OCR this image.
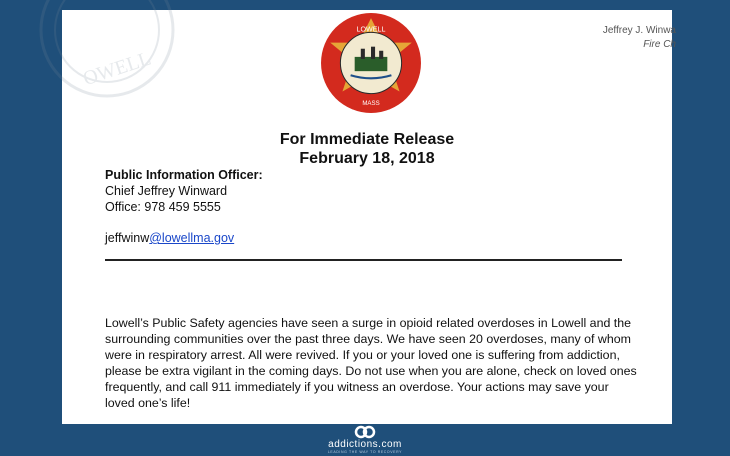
OWELL
Jeffrey J. Winwa
Fire Ch
LOWELL
MASS
For Immediate Release
February 18, 2018
Public Information Officer:
Chief Jeffrey Winward
Office: 978 459 5555
jeffwinw@lowellma.gov
Lowell’s Public Safety agencies have seen a surge in opioid related overdoses in Lowell and the surrounding communities over the past three days. We have seen 20 overdoses, many of whom were in respiratory arrest. All were revived. If you or your loved one is suffering from addiction, please be extra vigilant in the coming days. Do not use when you are alone, check on loved ones frequently, and call 911 immediately if you witness an overdose. Your actions may save your loved one’s life!
addictions.com
LEADING THE WAY TO RECOVERY
